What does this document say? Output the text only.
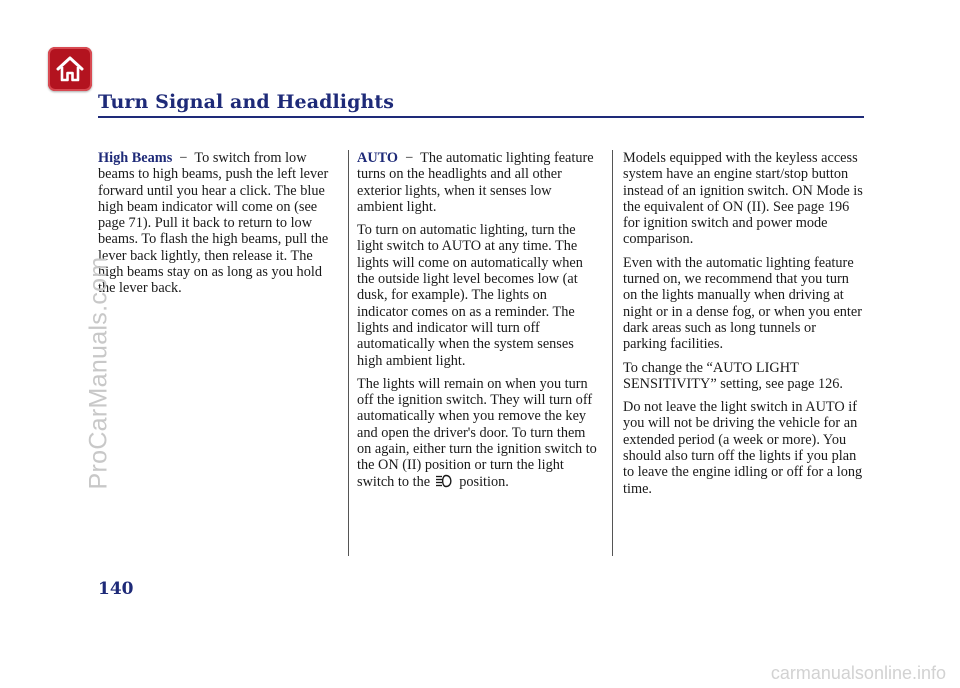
Turn Signal and Headlights

High Beams − To switch from low beams to high beams, push the left lever forward until you hear a click. The blue high beam indicator will come on (see page 71). Pull it back to return to low beams. To flash the high beams, pull the lever back lightly, then release it. The high beams stay on as long as you hold the lever back.

AUTO − The automatic lighting feature turns on the headlights and all other exterior lights, when it senses low ambient light.

To turn on automatic lighting, turn the light switch to AUTO at any time. The lights will come on automatically when the outside light level becomes low (at dusk, for example). The lights on indicator comes on as a reminder. The lights and indicator will turn off automatically when the system senses high ambient light.

The lights will remain on when you turn off the ignition switch. They will turn off automatically when you remove the key and open the driver's door. To turn them on again, either turn the ignition switch to the ON (II) position or turn the light switch to the position.

Models equipped with the keyless access system have an engine start/stop button instead of an ignition switch. ON Mode is the equivalent of ON (II). See page 196 for ignition switch and power mode comparison.

Even with the automatic lighting feature turned on, we recommend that you turn on the lights manually when driving at night or in a dense fog, or when you enter dark areas such as long tunnels or parking facilities.

To change the “AUTO LIGHT SENSITIVITY” setting, see page 126.

Do not leave the light switch in AUTO if you will not be driving the vehicle for an extended period (a week or more). You should also turn off the lights if you plan to leave the engine idling or off for a long time.

140
ProCarManuals.com
carmanualsonline.info
